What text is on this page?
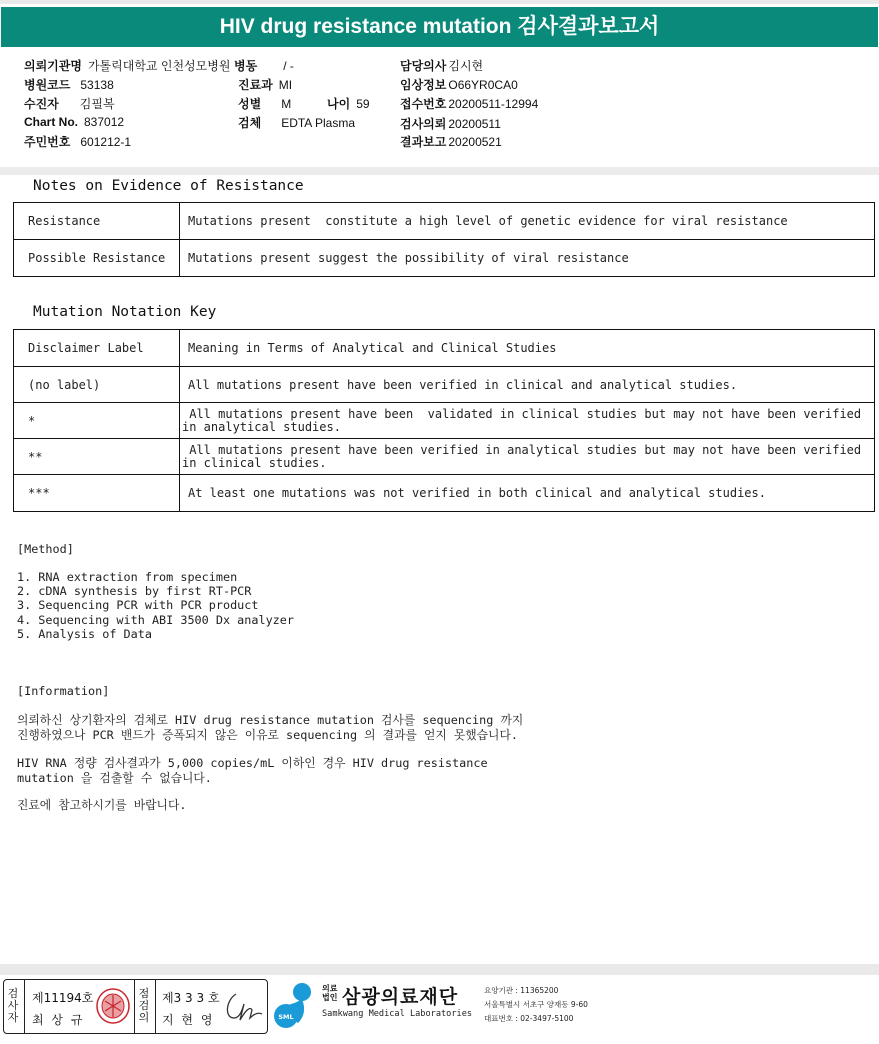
HIV drug resistance mutation 검사결과보고서
의뢰기관명 가톨릭대학교 인천성모병원
병원코드 53138
수진자 김필복
Chart No. 837012
주민번호 601212-1
병동 / -
진료과 MI
성별 M	나이 59
검체 EDTA Plasma
담당의사 김시현
임상정보 O66YR0CA0
접수번호 20200511-12994
검사의뢰 20200511
결과보고 20200521
Notes on Evidence of Resistance
Resistance	Mutations present  constitute a high level of genetic evidence for viral resistance
Possible Resistance	Mutations present suggest the possibility of viral resistance
Mutation Notation Key
Disclaimer Label	Meaning in Terms of Analytical and Clinical Studies
(no label)	All mutations present have been verified in clinical and analytical studies.
*	All mutations present have been  validated in clinical studies but may not have been verified
in analytical studies.
**	All mutations present have been verified in analytical studies but may not have been verified
in clinical studies.
***	At least one mutations was not verified in both clinical and analytical studies.
[Method]
1. RNA extraction from specimen
2. cDNA synthesis by first RT-PCR
3. Sequencing PCR with PCR product
4. Sequencing with ABI 3500 Dx analyzer
5. Analysis of Data
[Information]
의뢰하신 상기환자의 검체로 HIV drug resistance mutation 검사를 sequencing 까지
진행하였으나 PCR 밴드가 증폭되지 않은 이유로 sequencing 의 결과를 얻지 못했습니다.
HIV RNA 정량 검사결과가 5,000 copies/mL 이하인 경우 HIV drug resistance
mutation 을 검출할 수 없습니다.
진료에 참고하시기를 바랍니다.
검
사
자
제11194호
최 상 규
점
검
의
제3 3 3 호
지 현 영	SML
의료
법인 삼광의료재단
Samkwang Medical Laboratories
요양기관 : 11365200
서울특별시 서초구 양재동 9-60
대표번호 : 02-3497-5100
